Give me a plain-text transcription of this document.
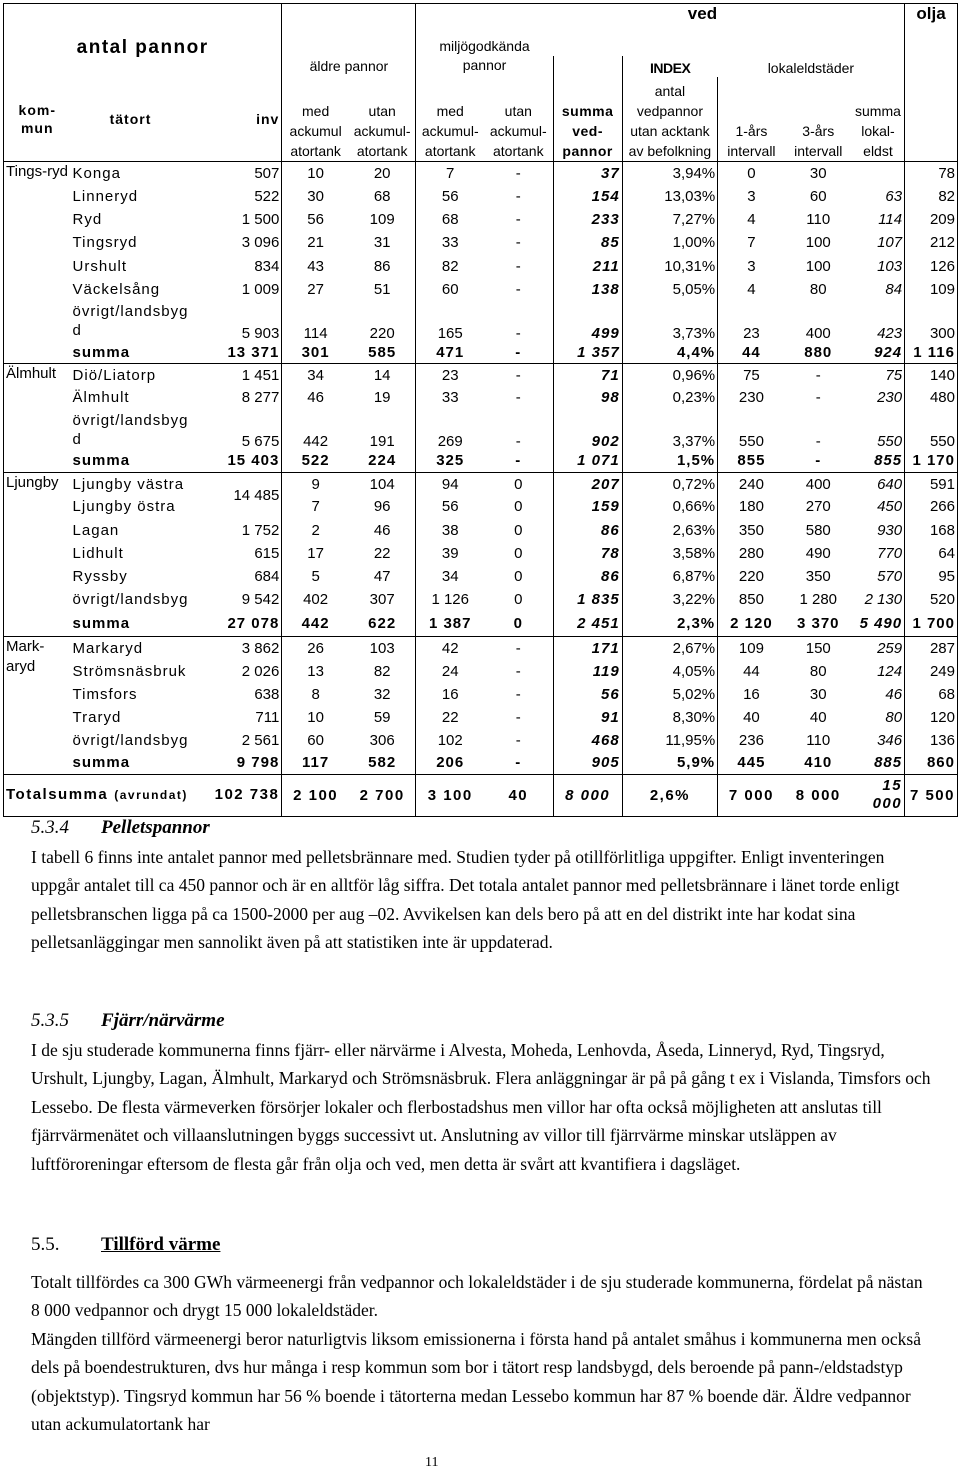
antal pannor			äldre pannor		miljögodkända pannor		ved					olja
								INDEX	lokaleldstäder			
kom-mun	tätort	inv	med ackumul atortank	utan ackumul-atortank	med ackumul-atortank	utan ackumul-atortank	summa ved-pannor	antal vedpannor utan acktank av befolkning	1-års intervall	3-års intervall	summa lokal-eldst	
Tings-ryd	Konga	507	10	20	7	-	37	3,94%	0	30		78
	Linneryd	522	30	68	56	-	154	13,03%	3	60	63	82
	Ryd	1 500	56	109	68	-	233	7,27%	4	110	114	209
	Tingsryd	3 096	21	31	33	-	85	1,00%	7	100	107	212
	Urshult	834	43	86	82	-	211	10,31%	3	100	103	126
	Väckelsång	1 009	27	51	60	-	138	5,05%	4	80	84	109
	övrigt/landsbyg d	5 903	114	220	165	-	499	3,73%	23	400	423	300
	summa	13 371	301	585	471	-	1 357	4,4%	44	880	924	1 116
Älmhult	Diö/Liatorp	1 451	34	14	23	-	71	0,96%	75	-	75	140
	Älmhult	8 277	46	19	33	-	98	0,23%	230	-	230	480
	övrigt/landsbyg d	5 675	442	191	269	-	902	3,37%	550	-	550	550
	summa	15 403	522	224	325	-	1 071	1,5%	855	-	855	1 170
Ljungby	Ljungby västra	14 485	9	104	94	0	207	0,72%	240	400	640	591
	Ljungby östra		7	96	56	0	159	0,66%	180	270	450	266
	Lagan	1 752	2	46	38	0	86	2,63%	350	580	930	168
	Lidhult	615	17	22	39	0	78	3,58%	280	490	770	64
	Ryssby	684	5	47	34	0	86	6,87%	220	350	570	95
	övrigt/landsbyg	9 542	402	307	1 126	0	1 835	3,22%	850	1 280	2 130	520
	summa	27 078	442	622	1 387	0	2 451	2,3%	2 120	3 370	5 490	1 700
Mark-aryd	Markaryd	3 862	26	103	42	-	171	2,67%	109	150	259	287
	Strömsnäsbruk	2 026	13	82	24	-	119	4,05%	44	80	124	249
	Timsfors	638	8	32	16	-	56	5,02%	16	30	46	68
	Traryd	711	10	59	22	-	91	8,30%	40	40	80	120
	övrigt/landsbyg	2 561	60	306	102	-	468	11,95%	236	110	346	136
	summa	9 798	117	582	206	-	905	5,9%	445	410	885	860
Totalsumma (avrundat)		102 738	2 100	2 700	3 100	40	8 000	2,6%	7 000	8 000	15 000	7 500

5.3.4 Pelletspannor

I tabell 6 finns inte antalet pannor med pelletsbrännare med. Studien tyder på otillförlitliga uppgifter. Enligt inventeringen uppgår antalet till ca 450 pannor och är en alltför låg siffra. Det totala antalet pannor med pelletsbrännare i länet torde enligt pelletsbranschen ligga på ca 1500-2000 per aug –02. Avvikelsen kan dels bero på att en del distrikt inte har kodat sina pelletsanläggingar men sannolikt även på att statistiken inte är uppdaterad.

5.3.5 Fjärr/närvärme

I de sju studerade kommunerna finns fjärr- eller närvärme i Alvesta, Moheda, Lenhovda, Åseda, Linneryd, Ryd, Tingsryd, Urshult, Ljungby, Lagan, Älmhult, Markaryd och Strömsnäsbruk. Flera anläggningar är på på gång t ex i Vislanda, Timsfors och Lessebo. De flesta värmeverken försörjer lokaler och flerbostadshus men villor har ofta också möjligheten att anslutas till fjärrvärmenätet och villaanslutningen byggs successivt ut. Anslutning av villor till fjärrvärme minskar utsläppen av luftföroreningar eftersom de flesta går från olja och ved, men detta är svårt att kvantifiera i dagsläget.

5.5. Tillförd värme

Totalt tillfördes ca 300 GWh värmeenergi från vedpannor och lokaleldstäder i de sju studerade kommunerna, fördelat på nästan 8 000 vedpannor och drygt 15 000 lokaleldstäder.

Mängden tillförd värmeenergi beror naturligtvis liksom emissionerna i första hand på antalet småhus i kommunerna men också dels på boendestrukturen, dvs hur många i resp kommun som bor i tätort resp landsbygd, dels beroende på pann-/eldstadstyp (objektstyp). Tingsryd kommun har 56 % boende i tätorterna medan Lessebo kommun har 87 % boende där. Äldre vedpannor utan ackumulatortank har

11
